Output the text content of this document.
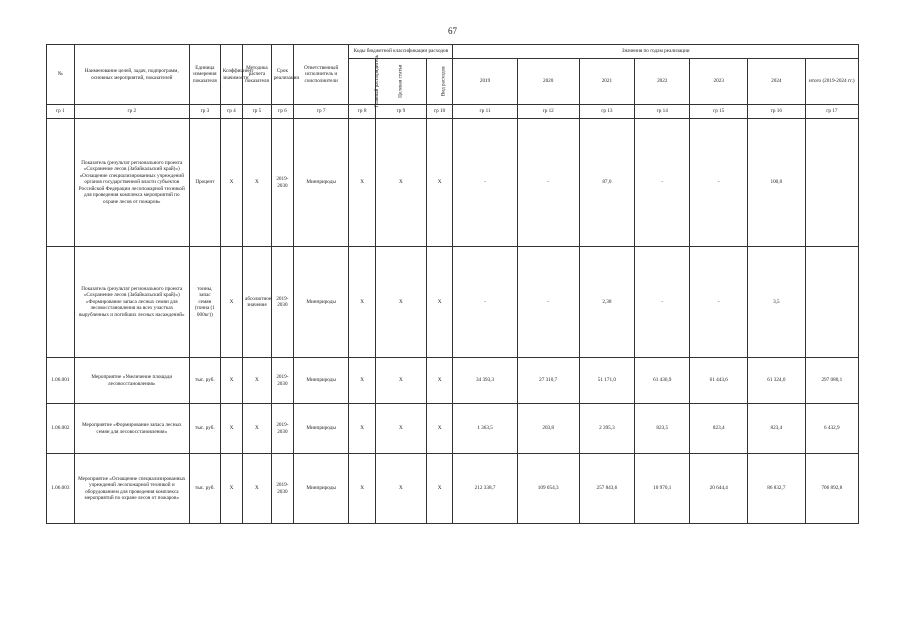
67
№	Наименование целей, задач, подпрограмм, основных мероприятий, показателей	Единица измерения показателя	Коэффициент значимости	Методика расчета показателя	Срок реализации	Ответственный исполнитель и соисполнители	Коды бюджетной классификации расходов			Значения по годам реализации						
							Главный распорядитель	Целевая статья	Вид расходов	2019	2020	2021	2022	2023	2024	итого (2019-2024 гг.)
гр 1	гр 2	гр 3	гр 4	гр 5	гр 6	гр 7	гр 8	гр 9	гр 10	гр 11	гр 12	гр 13	гр 14	гр 15	гр 16	гр 17
	Показатель (результат регионального проекта «Сохранение лесов (Забайкальский край)») «Оснащение специализированных учреждений органов государственной власти субъектов Российской Федерации лесопожарной техникой для проведения комплекса мероприятий по охране лесов от пожаров»	Процент	Х	Х	2019-2030	Минприроды	Х	Х	Х	-	-	87,0	-	-	100,0	
	Показатель (результат регионального проекта «Сохранение лесов (Забайкальский край)») «Формирование запаса лесных семян для лесовосстановления на всех участках вырубленных и погибших лесных насаждений»	тонны, запас семян (тонна (1 000кг))	Х	абсолютное значение	2019-2030	Минприроды	Х	Х	Х	-	-	2,38	-	-	3,5	
1.06.001	Мероприятие «Увеличение площади лесовосстановления»	тыс. руб.	Х	Х	2019-2030	Минприроды	Х	Х	Х	34 393,3	27 310,7	51 171,0	61 436,9	61 443,6	61 324,0	297 080,1
1.06.002	Мероприятие «Формирование запаса лесных семян для лесовосстановления»	тыс. руб.	Х	Х	2019-2030	Минприроды	Х	Х	Х	1 363,5	203,8	2 395,3	823,5	823,4	823,4	6 432,9
1.06.003	Мероприятие «Оснащение специализированных учреждений лесопожарной техникой и оборудованием для проведения комплекса мероприятий по охране лесов от пожаров»	тыс. руб.	Х	Х	2019-2030	Минприроды	Х	Х	Х	212 338,7	109 054,3	257 843,6	10 970,1	20 644,4	86 832,7	706 892,8
